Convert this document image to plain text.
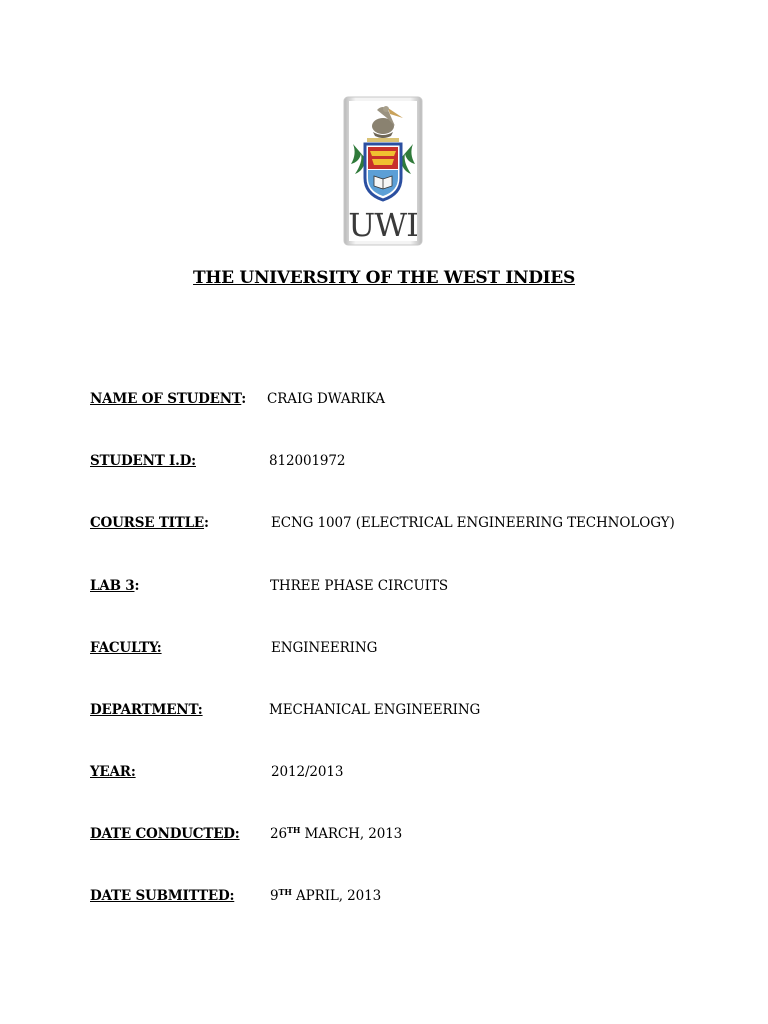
UWI
THE UNIVERSITY OF THE WEST INDIES
NAME OF STUDENT: CRAIG DWARIKA
STUDENT I.D:	812001972
COURSE TITLE:	ECNG 1007 (ELECTRICAL ENGINEERING TECHNOLOGY)
LAB 3:	THREE PHASE CIRCUITS
FACULTY:	ENGINEERING
DEPARTMENT:	MECHANICAL ENGINEERING
YEAR:	2012/2013
DATE CONDUCTED: 26TH MARCH, 2013
DATE SUBMITTED:	9TH APRIL, 2013
